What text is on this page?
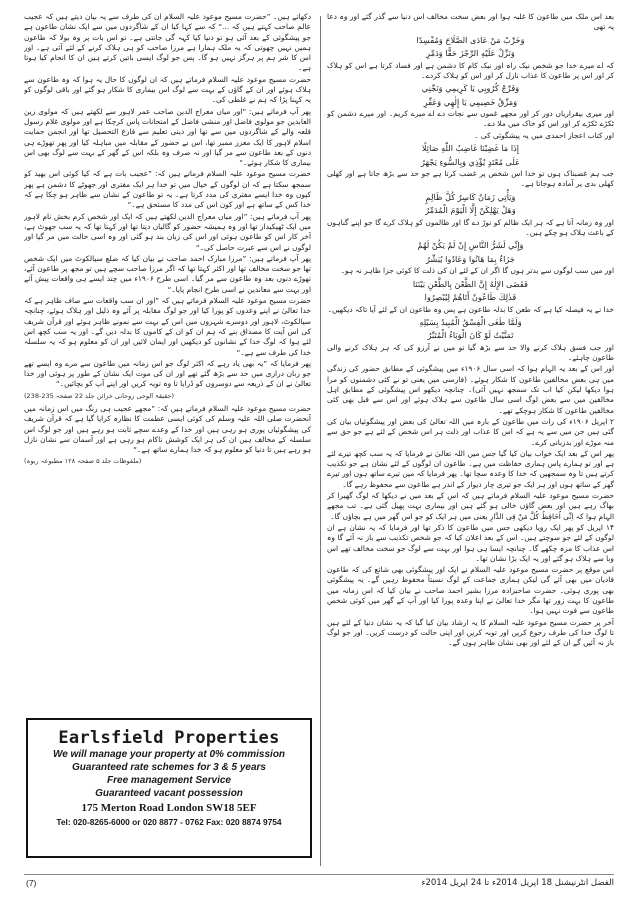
بعد اس ملک میں طاعون کا غلبہ ہوا اور بعض سخت مخالف اس دنیا سے گذر گئے اور وہ دعا یہ تھی

وَخَرِّبْ مَنْ عَادَى الصَّلَاحَ وَمُفْسِدًا

وَنَزِّلْ عَلَيْهِ الرِّجْزَ حَقًّا وَدَمِّرِ

کہ اے میرے خدا جو شخص نیک راہ اور نیک کام کا دشمن ہے اور فساد کرتا ہے اس کو ہلاک کر اور اس پر طاعون کا عذاب نازل کر اور اس کو ہلاک کردے۔

وَفَرِّجْ كُرُوبِي يَا كَرِيمِي وَنَجِّنِي

وَمَزِّقْ خَصِيمِي يَا إِلٰهِي وَعَفِّرِ

اور میری بیقراریاں دور کر اور مجھے غموں سے نجات دے اے میرے کریم۔ اور میرے دشمن کو ٹکڑے ٹکڑے کر اور اس کو خاک میں ملا دے۔

اور کتاب اعجاز احمدی میں یہ پیشگوئی کی ۔

إِذَا مَا غَضِبْنَا غَاضِبُ اللّٰهِ صَائِلًا

عَلَى مُعْتَدٍ يُؤْذِي وَبِالسُّوءِ يَجْهَرُ

جب ہم غضبناک ہوں تو خدا اس شخص پر غضب کرتا ہے جو حد سے بڑھ جاتا ہے اور کھلی کھلی بدی پر آمادہ ہوجاتا ہے۔

وَيَأْتِي زَمَانٌ كَاسِرٌ كُلَّ ظَالِمٍ

وَهَلْ يَهْلِكَنْ إِلَّا الْيَوْمَ الْمُدَمِّرُ

اور وہ زمانہ آتا ہے کہ ہر ایک ظالم کو توڑ دے گا اور ظالموں کو ہلاک کرے گا جو اپنے گناہوں کے باعث ہلاک ہو چکے ہیں۔

وَإِنِّي لَشَرُّ النَّاسِ إِنْ لَمْ يَكُنْ لَهُمْ

جَزَاءٌ بِمَا هَانُوا وَعَادُوا يُبَشِّرُ

اور میں سب لوگوں سے بدتر ہوں گا اگر ان کے لئے ان کی ذلت کا کوئی جزا ظاہر نہ ہو۔

فَقَضَى الإِلٰهُ إِنَّ الطَّعْنَ بِالطَّعْنِ بَيْنَنَا

فَذٰلِكَ طَاعُونٌ أَتَاهُمْ لِيُبْصِرُوا

خدا نے یہ فیصلہ کیا ہے کہ طعن کا بدلہ طاعون ہے پس وہ طاعون ان کے لئے آیا تاکہ دیکھیں۔

وَلَمَّا طَغَى الْفِسْقُ الْمُبِيدُ بِسَيْلِهِ

تَمَنَّيْتُ لَوْ كَانَ الْوَبَاءُ الْمُتَبِّرُ

اور جب فسق ہلاک کرنے والا حد سے بڑھ گیا تو میں نے آرزو کی کہ ہر ہلاک کرنے والی طاعون چاہئے۔

اور اس کے بعد یہ الہام ہوا کہ اسی سال ۱۹۰۶ء میں پیشگوئی کے مطابق حضور کی زندگی میں ہی بعض مخالفین طاعون کا شکار ہوئے۔ (فارسی میں یعنی تو نے کئی دشمنوں کو مرا ہوا دیکھا لیکن کیا اب تک سمجھ نہیں آئی)۔ چنانچہ دیکھو اس پیشگوئی کے مطابق اہل مخالفین میں سے بعض لوگ اسی سال طاعون سے ہلاک ہوئے اور اس سے قبل بھی کئی مخالفین طاعون کا شکار ہوچکے تھے۔

۲ اپریل ۱۹۰۶ء کی رات میں طاعون کے بارہ میں اللہ تعالیٰ کی بعض اور پیشگوئیاں بیان کی گئی ہیں جن میں سے یہ ہے کہ اس کا عذاب اور ذلت ہر اس شخص کے لئے ہے جو حق سے منہ موڑے اور بدزبانی کرے۔

پھر اس کے بعد ایک خواب بیان کیا گیا جس میں اللہ تعالیٰ نے فرمایا کہ یہ سب کچھ تیرے لئے ہے اور تو ہمارے پاس ہماری حفاظت میں ہے۔ طاعون ان لوگوں کے لئے نشان ہے جو تکذیب کرتے ہیں تا وہ سمجھیں کہ خدا کا وعدہ سچا تھا۔ پھر فرمایا کہ میں تیرے ساتھ ہوں اور تیرے گھر کے ساتھ ہوں اور ہر ایک جو تیری چار دیوار کے اندر ہے طاعون سے محفوظ رہے گا۔

حضرت مسیح موعود علیہ السلام فرماتے ہیں کہ اس کے بعد میں نے دیکھا کہ لوگ گھبرا کر بھاگ رہے ہیں اور بعض گاؤں خالی ہو گئے ہیں اور بیماری بہت پھیل گئی ہے۔ تب مجھے الہام ہوا کہ اِنِّی اُحَافِظُ کُلَّ مَنْ فِی الدَّارِ یعنی میں ہر ایک کو جو اس گھر میں ہے بچاؤں گا۔

۱۴ اپریل کو پھر ایک رویا دیکھی جس میں طاعون کا ذکر تھا اور فرمایا کہ یہ نشان ہے ان لوگوں کے لئے جو سوچتے ہیں۔ اس کے بعد اعلان کیا کہ جو شخص تکذیب سے باز نہ آئے گا وہ اس عذاب کا مزہ چکھے گا۔ چنانچہ ایسا ہی ہوا اور بہت سے لوگ جو سخت مخالف تھے اس وبا سے ہلاک ہو گئے اور یہ ایک بڑا نشان تھا۔

اس موقع پر حضرت مسیح موعود علیہ السلام نے ایک اور پیشگوئی بھی شائع کی کہ طاعون قادیان میں بھی آئے گی لیکن ہماری جماعت کے لوگ نسبتاً محفوظ رہیں گے۔ یہ پیشگوئی بھی پوری ہوئی۔ حضرت صاحبزادہ مرزا بشیر احمد صاحب نے بیان کیا کہ اس زمانہ میں طاعون کا بہت زور تھا مگر خدا تعالیٰ نے اپنا وعدہ پورا کیا اور آپ کے گھر میں کوئی شخص طاعون سے فوت نہیں ہوا۔

آخر پر حضرت مسیح موعود علیہ السلام کا یہ ارشاد بیان کیا گیا کہ یہ نشان دنیا کے لئے ہیں تا لوگ خدا کی طرف رجوع کریں اور توبہ کریں اور اپنی حالت کو درست کریں۔ اور جو لوگ باز نہ آئیں گے ان کے لئے اور بھی نشان ظاہر ہوں گے۔

دکھاتے ہیں۔ ”حضرت مسیح موعود علیہ السلام ان کی طرف سے یہ بیان دیتے ہیں کہ عجیب عالم صاحب کہتے ہیں کہ ...“ کہ سے کہا کیا ان کے شاگردوں میں سے ایک نشان طاعون ہے جو پیشگوئی کے بعد آئی ہو تو دنیا کیا کہہ گی جانتی ہے۔ تو اس بات پر وہ بولا کہ طاعون ہمیں نہیں چھوتی کہ یہ ملک ہمارا ہے مرزا صاحب کو ہی ہلاک کرنے کے لئے آئی ہے۔ اور اس کا شر ہم پر ہرگز نہیں ہو گا۔ پس جو لوگ ایسی باتیں کرتے ہیں ان کا انجام کیا ہوتا ہے۔

حضرت مسیح موعود علیہ السلام فرماتے ہیں کہ ان لوگوں کا حال یہ ہوا کہ وہ طاعون سے ہلاک ہوئے اور ان کے گاؤں کے بہت سے لوگ اس بیماری کا شکار ہو گئے اور باقی لوگوں کو یہ کہنا پڑا کہ ہم نے غلطی کی۔

پھر آپ فرماتے ہیں: ”اور میاں معراج الدین صاحب عمر لاہور سے لکھتے ہیں کہ مولوی زین العابدین جو مولوی فاضل اور منشی فاضل کے امتحانات پاس کرچکا ہے اور مولوی غلام رسول قلعہ والے کے شاگردوں میں سے تھا اور دینی تعلیم سے فارغ التحصیل تھا اور انجمن حمایت اسلام لاہور کا ایک معزز ممبر تھا، اس نے حضور کے مقابلہ میں مباہلہ کیا اور پھر تھوڑے ہی دنوں کے بعد طاعون سے مر گیا اور نہ صرف وہ بلکہ اس کے گھر کے بہت سے لوگ بھی اس بیماری کا شکار ہوئے۔“

حضرت مسیح موعود علیہ السلام فرماتے ہیں کہ: ”عجیب بات ہے کہ کیا کوئی اس بھید کو سمجھ سکتا ہے کہ ان لوگوں کے خیال میں تو خدا ہر ایک مفتری اور جھوٹے کا دشمن ہے پھر کیوں وہ خدا ایسے مفتری کی مدد کرتا ہے۔ یہ تو طاعون کے نشان سے ظاہر ہو چکا ہے کہ خدا کس کے ساتھ ہے اور کون اس کی مدد کا مستحق ہے۔“

پھر آپ فرماتے ہیں: ”اور میاں معراج الدین لکھتے ہیں کہ ایک اور شخص کرم بخش نام لاہور میں ایک ٹھیکیدار تھا اور وہ ہمیشہ حضور کو گالیاں دیتا تھا اور کہتا تھا کہ یہ سب جھوٹ ہے، آخر کار اس کو طاعون ہوئی اور اس کی زبان بند ہو گئی اور وہ اسی حالت میں مر گیا اور لوگوں نے اس سے عبرت حاصل کی۔“

پھر آپ فرماتے ہیں: ”مرزا مبارک احمد صاحب نے بیان کیا کہ ضلع سیالکوٹ میں ایک شخص تھا جو سخت مخالف تھا اور اکثر کہتا تھا کہ اگر مرزا صاحب سچے ہیں تو مجھ پر طاعون آئے، تھوڑے دنوں بعد وہ طاعون سے مر گیا۔ اسی طرح ۱۹۰۶ء میں چند ایسے ہی واقعات پیش آئے اور بہت سے معاندین نے اسی طرح انجام پایا۔“

حضرت مسیح موعود علیہ السلام فرماتے ہیں کہ ”اور ان سب واقعات سے صاف ظاہر ہے کہ خدا تعالیٰ نے اپنے وعدوں کو پورا کیا اور جو لوگ مقابلہ پر آئے وہ ذلیل اور ہلاک ہوئے، چنانچہ سیالکوٹ، لاہور اور دوسرے شہروں میں اس کے بہت سے نمونے ظاہر ہوئے اور قرآن شریف کی اس آیت کا مصداق بنے کہ ہم ان کو ان کے کاموں کا بدلہ دیں گے۔ اور یہ سب کچھ اس لئے ہوا کہ لوگ خدا کے نشانوں کو دیکھیں اور ایمان لائیں اور ان کو معلوم ہو کہ یہ سلسلہ خدا کی طرف سے ہے۔“

پھر فرمایا کہ ”یہ بھی یاد رہے کہ اکثر لوگ جو اس زمانہ میں طاعون سے مرے وہ ایسے تھے جو زبان درازی میں حد سے بڑھ گئے تھے اور ان کی موت ایک نشان کے طور پر ہوئی اور خدا تعالیٰ نے ان کے ذریعہ سے دوسروں کو ڈرایا تا وہ توبہ کریں اور اپنے آپ کو بچائیں۔“

(حقیقۃ الوحی روحانی خزائن جلد 22 صفحہ 235-238)

حضرت مسیح موعود علیہ السلام فرماتے ہیں کہ: ”مجھے عجیب ہی رنگ میں اس زمانہ میں آنحضرت صلی اللہ علیہ وسلم کی کوئی ایسی عظمت کا نظارہ کرایا گیا ہے کہ قرآن شریف کی پیشگوئیاں پوری ہو رہی ہیں اور خدا کے وعدے سچے ثابت ہو رہے ہیں اور جو لوگ اس سلسلہ کے مخالف ہیں ان کی ہر ایک کوشش ناکام ہو رہی ہے اور آسمان سے نشان نازل ہو رہے ہیں تا دنیا کو معلوم ہو کہ خدا ہمارے ساتھ ہے۔“

(ملفوظات جلد ۵ صفحہ ۱۲۸ مطبوعہ ربوہ)

Earlsfield Properties
We will manage your property at 0% commission
Guaranteed rate schemes for 3 & 5 years
Free management Service
Guaranteed vacant possession
175 Merton Road London SW18 5EF
Tel: 020-8265-6000 or 020 8877 - 0762 Fax: 020 8874 9754
(7)	الفضل انٹرنیشنل 18 اپریل 2014ء تا 24 اپریل 2014ء
